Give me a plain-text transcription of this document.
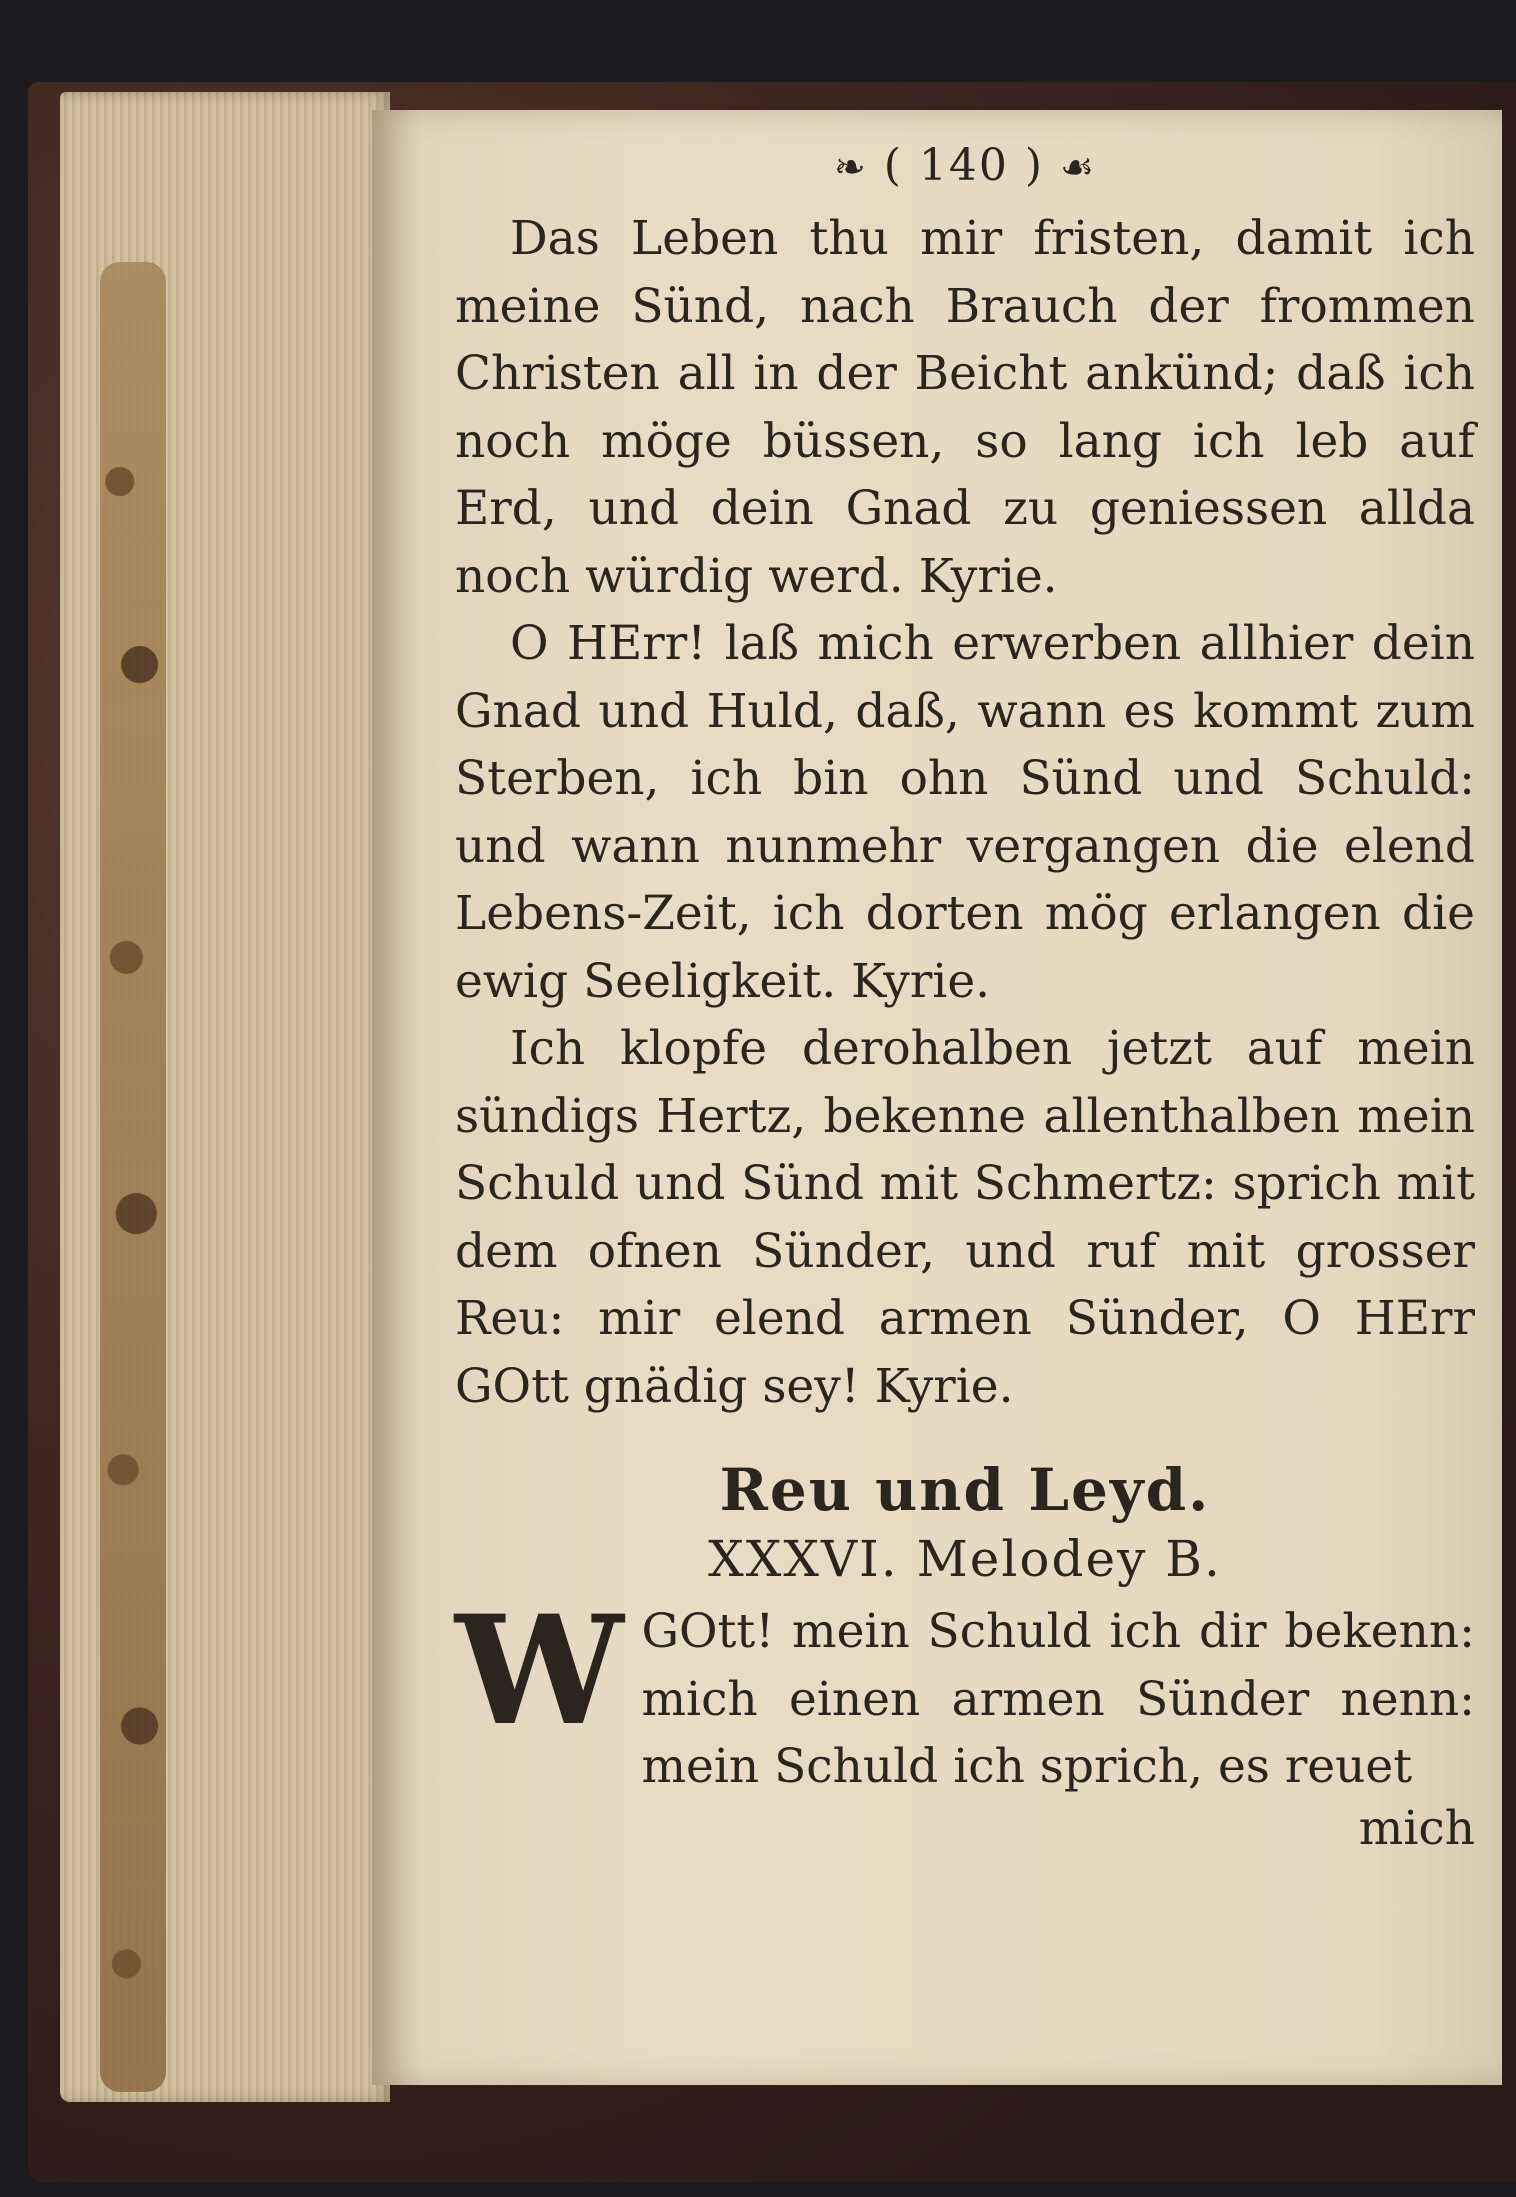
❧ ( 140 ) ☙

Das Leben thu mir fristen, damit ich meine Sünd, nach Brauch der frommen Christen all in der Beicht ankünd; daß ich noch möge büssen, so lang ich leb auf Erd, und dein Gnad zu geniessen allda noch würdig werd. Kyrie.

O HErr! laß mich erwerben allhier dein Gnad und Huld, daß, wann es kommt zum Sterben, ich bin ohn Sünd und Schuld: und wann nunmehr vergangen die elend Lebens-Zeit, ich dorten mög erlangen die ewig Seeligkeit. Kyrie.

Ich klopfe derohalben jetzt auf mein sündigs Hertz, bekenne allenthalben mein Schuld und Sünd mit Schmertz: sprich mit dem ofnen Sünder, und ruf mit grosser Reu: mir elend armen Sünder, O HErr GOtt gnädig sey! Kyrie.

Reu und Leyd.
XXXVI. Melodey B.
W GOtt! mein Schuld ich dir bekenn: mich einen armen Sünder nenn: mein Schuld ich sprich, es reuet

mich
